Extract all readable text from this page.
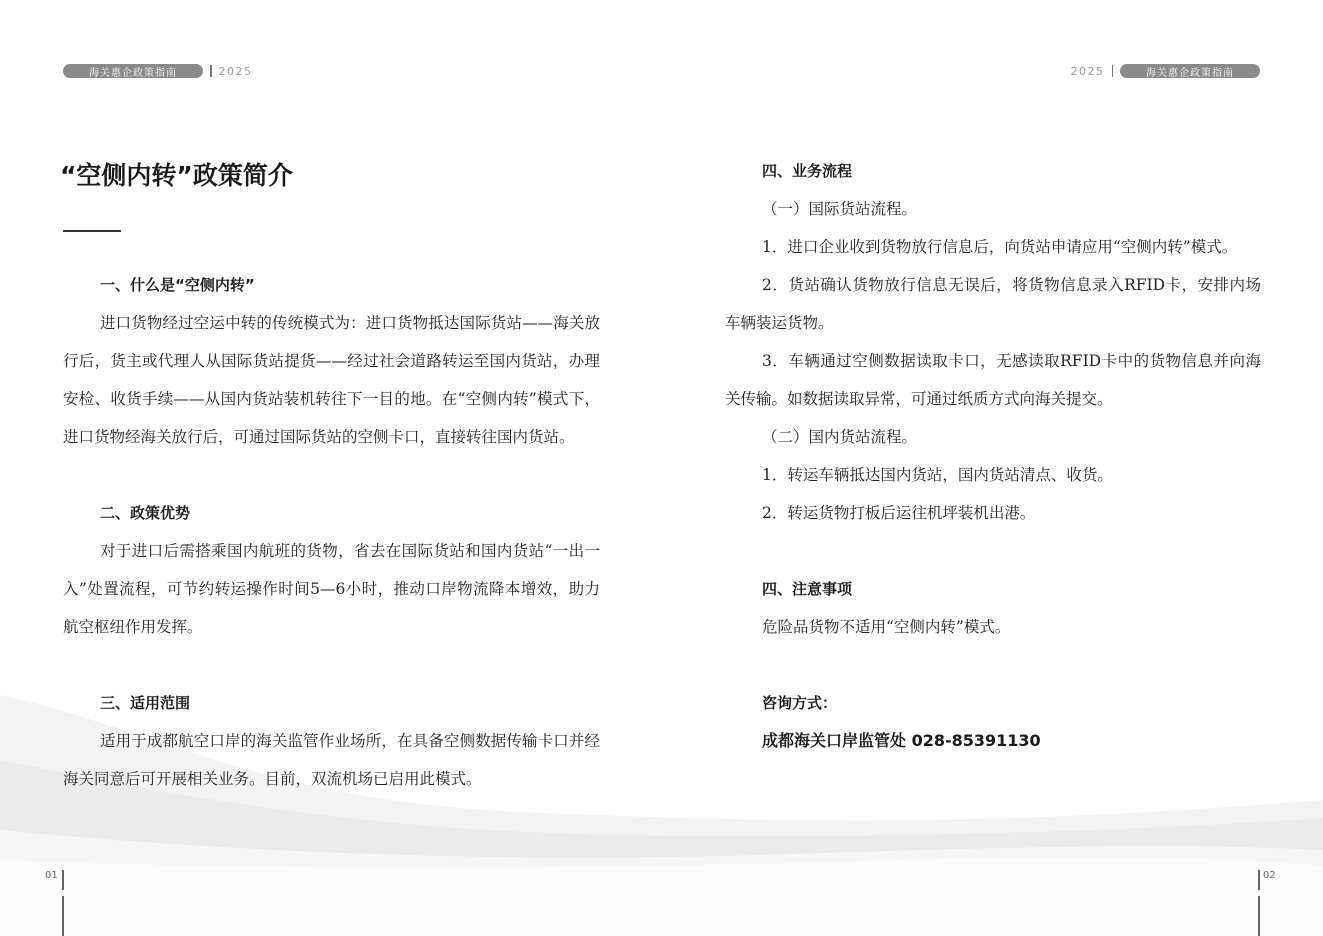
海关惠企政策指南	2025	2025	海关惠企政策指南
“空侧内转”政策简介

一、什么是“空侧内转”

进口货物经过空运中转的传统模式为：进口货物抵达国际货站——海关放行后，货主或代理人从国际货站提货——经过社会道路转运至国内货站，办理安检、收货手续——从国内货站装机转往下一目的地。在“空侧内转”模式下，进口货物经海关放行后，可通过国际货站的空侧卡口，直接转往国内货站。

二、政策优势

对于进口后需搭乘国内航班的货物，省去在国际货站和国内货站“一出一入”处置流程，可节约转运操作时间5—6小时，推动口岸物流降本增效，助力航空枢纽作用发挥。

三、适用范围

适用于成都航空口岸的海关监管作业场所，在具备空侧数据传输卡口并经海关同意后可开展相关业务。目前，双流机场已启用此模式。

四、业务流程

（一）国际货站流程。

1．进口企业收到货物放行信息后，向货站申请应用“空侧内转”模式。

2．货站确认货物放行信息无误后，将货物信息录入RFID卡，安排内场车辆装运货物。

3．车辆通过空侧数据读取卡口，无感读取RFID卡中的货物信息并向海关传输。如数据读取异常，可通过纸质方式向海关提交。

（二）国内货站流程。

1．转运车辆抵达国内货站，国内货站清点、收货。

2．转运货物打板后运往机坪装机出港。

四、注意事项

危险品货物不适用“空侧内转”模式。

咨询方式：

成都海关口岸监管处 028-85391130

01	02
